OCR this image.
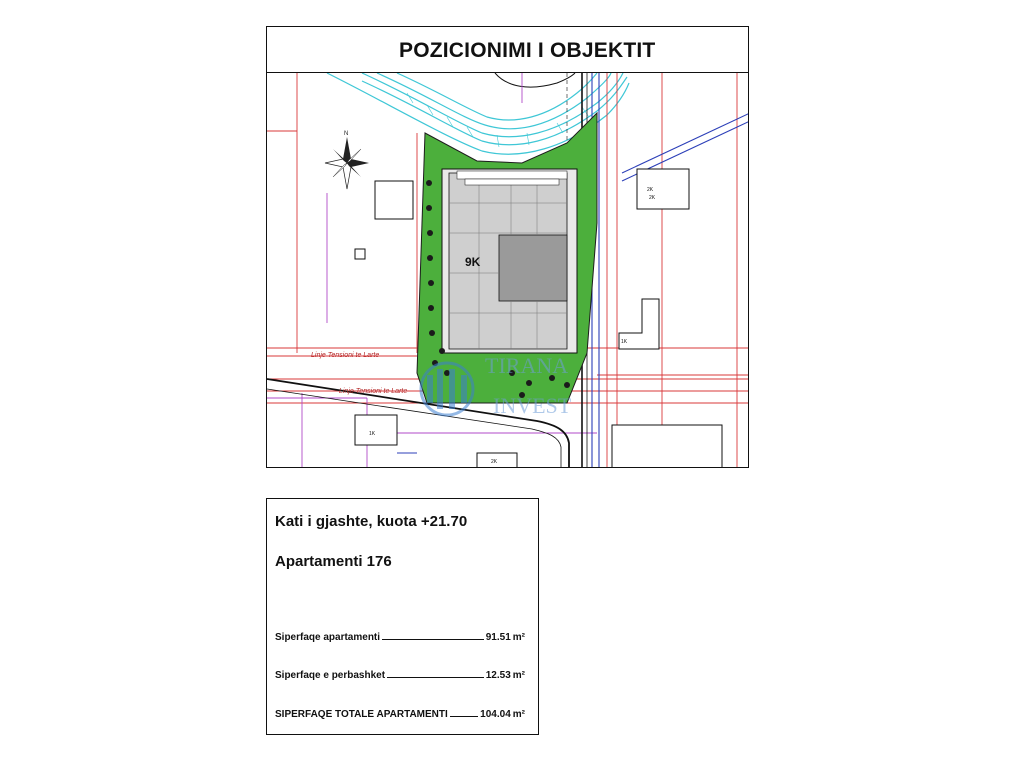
POZICIONIMI I OBJEKTIT
9K
N
2K
2K
1K
1K
2K
Linje Tensioni te Larte
Linje Tensioni te Larte
TIRANA
INVEST
Kati i gjashte, kuota +21.70
Apartamenti 176
Siperfaqe apartamenti	91.51 m²
Siperfaqe e perbashket	12.53 m²
SIPERFAQE TOTALE APARTAMENTI	104.04 m²
